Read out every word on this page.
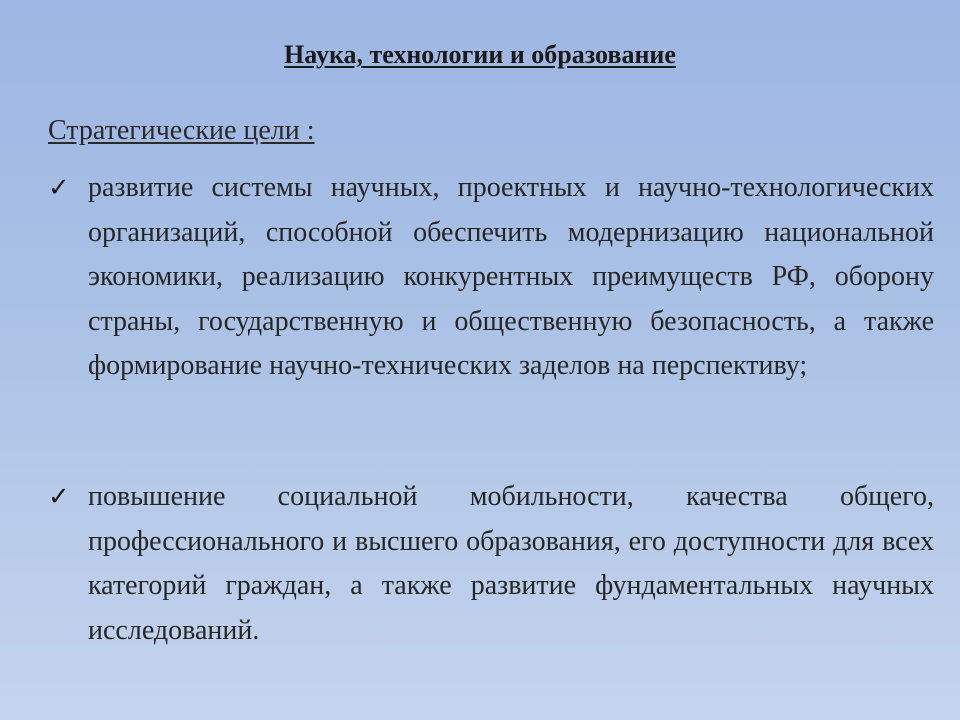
Наука, технологии и образование
Стратегические цели :
✓ развитие системы научных, проектных и научно-технологических организаций, способной обеспечить модернизацию национальной экономики, реализацию конкурентных преимуществ РФ, оборону страны, государственную и общественную безопасность, а также формирование научно-технических заделов на перспективу;
✓ повышение социальной мобильности, качества общего, профессионального и высшего образования, его доступности для всех категорий граждан, а также развитие фундаментальных научных исследований.
